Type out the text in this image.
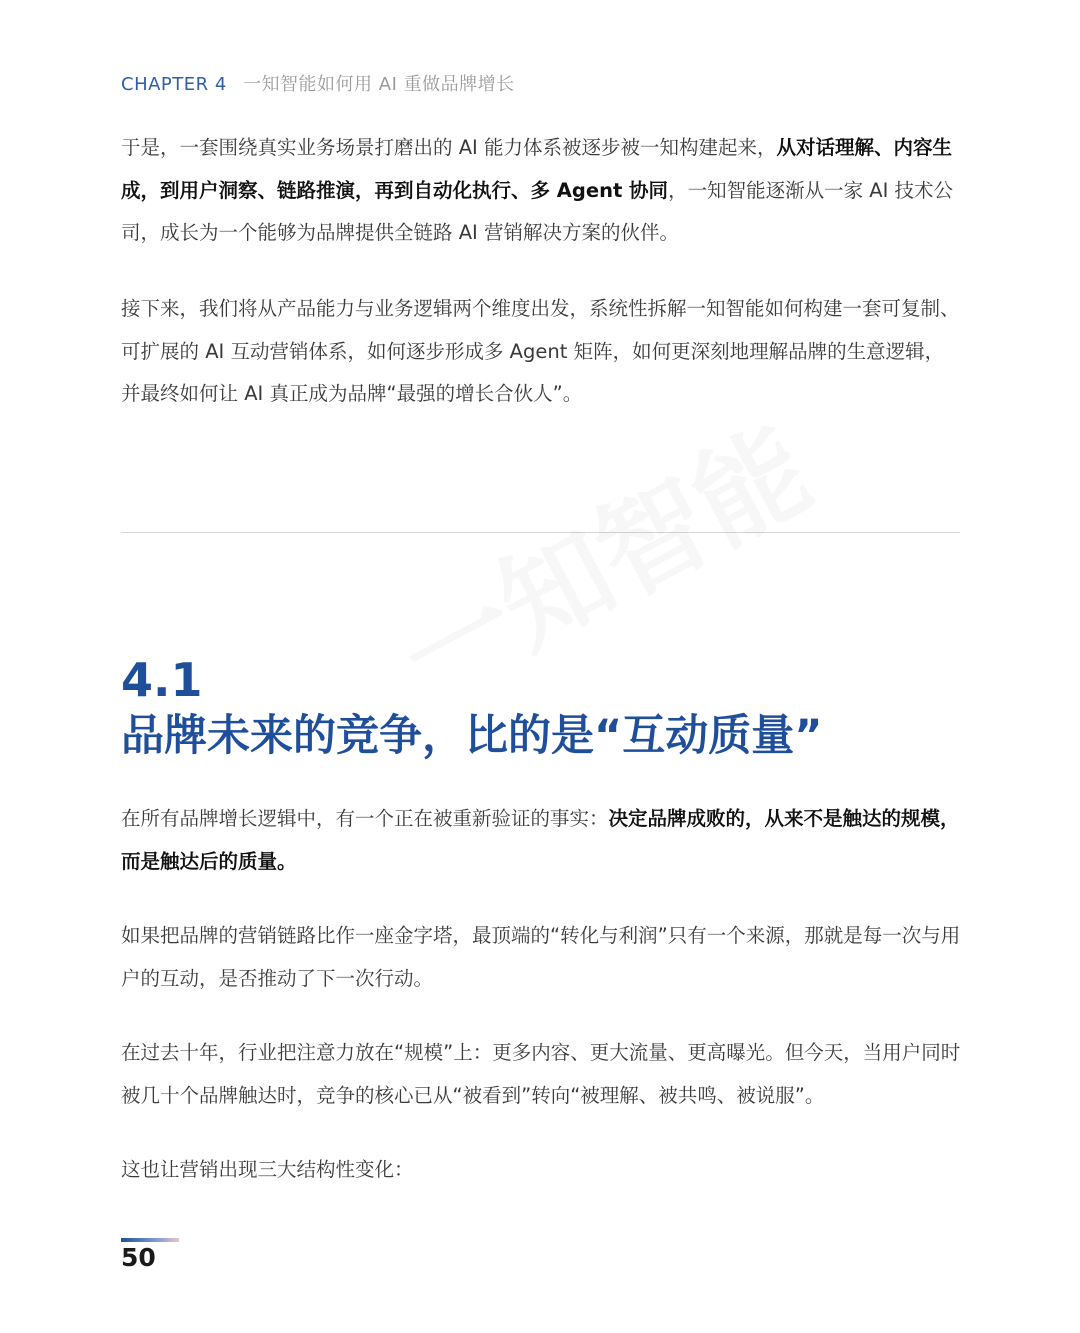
CHAPTER 4 一知智能如何用 AI 重做品牌增长

于是，一套围绕真实业务场景打磨出的 AI 能力体系被逐步被一知构建起来，从对话理解、内容生成，到用户洞察、链路推演，再到自动化执行、多 Agent 协同，一知智能逐渐从一家 AI 技术公司，成长为一个能够为品牌提供全链路 AI 营销解决方案的伙伴。

接下来，我们将从产品能力与业务逻辑两个维度出发，系统性拆解一知智能如何构建一套可复制、可扩展的 AI 互动营销体系，如何逐步形成多 Agent 矩阵，如何更深刻地理解品牌的生意逻辑，并最终如何让 AI 真正成为品牌“最强的增长合伙人”。

一知智能
4.1
品牌未来的竞争，比的是“互动质量”

在所有品牌增长逻辑中，有一个正在被重新验证的事实：决定品牌成败的，从来不是触达的规模，而是触达后的质量。

如果把品牌的营销链路比作一座金字塔，最顶端的“转化与利润”只有一个来源，那就是每一次与用户的互动，是否推动了下一次行动。

在过去十年，行业把注意力放在“规模”上：更多内容、更大流量、更高曝光。但今天，当用户同时被几十个品牌触达时，竞争的核心已从“被看到”转向“被理解、被共鸣、被说服”。

这也让营销出现三大结构性变化：

50
